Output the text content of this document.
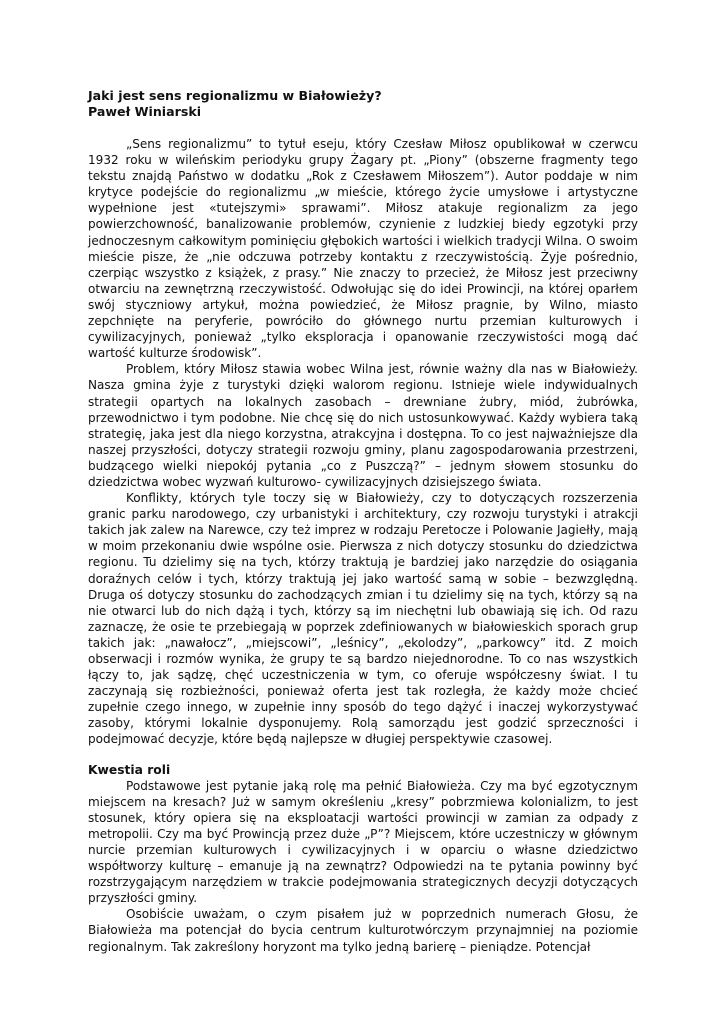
Jaki jest sens regionalizmu w Białowieży?

Paweł Winiarski

„Sens regionalizmu” to tytuł eseju, który Czesław Miłosz opublikował w czerwcu 1932 roku w wileńskim periodyku grupy Żagary pt. „Piony” (obszerne fragmenty tego tekstu znajdą Państwo w dodatku „Rok z Czesławem Miłoszem”). Autor poddaje w nim krytyce podejście do regionalizmu „w mieście, którego życie umysłowe i artystyczne wypełnione jest «tutejszymi» sprawami”. Miłosz atakuje regionalizm za jego powierzchowność, banalizowanie problemów, czynienie z ludzkiej biedy egzotyki przy jednoczesnym całkowitym pominięciu głębokich wartości i wielkich tradycji Wilna. O swoim mieście pisze, że „nie odczuwa potrzeby kontaktu z rzeczywistością. Żyje pośrednio, czerpiąc wszystko z książek, z prasy.” Nie znaczy to przecież, że Miłosz jest przeciwny otwarciu na zewnętrzną rzeczywistość. Odwołując się do idei Prowincji, na której oparłem swój styczniowy artykuł, można powiedzieć, że Miłosz pragnie, by Wilno, miasto zepchnięte na peryferie, powróciło do głównego nurtu przemian kulturowych i cywilizacyjnych, ponieważ „tylko eksploracja i opanowanie rzeczywistości mogą dać wartość kulturze środowisk”.

Problem, który Miłosz stawia wobec Wilna jest, równie ważny dla nas w Białowieży. Nasza gmina żyje z turystyki dzięki walorom regionu. Istnieje wiele indywidualnych strategii opartych na lokalnych zasobach – drewniane żubry, miód, żubrówka, przewodnictwo i tym podobne. Nie chcę się do nich ustosunkowywać. Każdy wybiera taką strategię, jaka jest dla niego korzystna, atrakcyjna i dostępna. To co jest najważniejsze dla naszej przyszłości, dotyczy strategii rozwoju gminy, planu zagospodarowania przestrzeni, budzącego wielki niepokój pytania „co z Puszczą?” – jednym słowem stosunku do dziedzictwa wobec wyzwań kulturowo- cywilizacyjnych dzisiejszego świata.

Konflikty, których tyle toczy się w Białowieży, czy to dotyczących rozszerzenia granic parku narodowego, czy urbanistyki i architektury, czy rozwoju turystyki i atrakcji takich jak zalew na Narewce, czy też imprez w rodzaju Peretocze i Polowanie Jagiełły, mają w moim przekonaniu dwie wspólne osie. Pierwsza z nich dotyczy stosunku do dziedzictwa regionu. Tu dzielimy się na tych, którzy traktują je bardziej jako narzędzie do osiągania doraźnych celów i tych, którzy traktują jej jako wartość samą w sobie – bezwzględną. Druga oś dotyczy stosunku do zachodzących zmian i tu dzielimy się na tych, którzy są na nie otwarci lub do nich dążą i tych, którzy są im niechętni lub obawiają się ich. Od razu zaznaczę, że osie te przebiegają w poprzek zdefiniowanych w białowieskich sporach grup takich jak: „nawałocz”, „miejscowi”, „leśnicy”, „ekolodzy”, „parkowcy” itd. Z moich obserwacji i rozmów wynika, że grupy te są bardzo niejednorodne. To co nas wszystkich łączy to, jak sądzę, chęć uczestniczenia w tym, co oferuje współczesny świat. I tu zaczynają się rozbieżności, ponieważ oferta jest tak rozległa, że każdy może chcieć zupełnie czego innego, w zupełnie inny sposób do tego dążyć i inaczej wykorzystywać zasoby, którymi lokalnie dysponujemy. Rolą samorządu jest godzić sprzeczności i podejmować decyzje, które będą najlepsze w długiej perspektywie czasowej.

Kwestia roli

Podstawowe jest pytanie jaką rolę ma pełnić Białowieża. Czy ma być egzotycznym miejscem na kresach? Już w samym określeniu „kresy” pobrzmiewa kolonializm, to jest stosunek, który opiera się na eksploatacji wartości prowincji w zamian za odpady z metropolii. Czy ma być Prowincją przez duże „P”? Miejscem, które uczestniczy w głównym nurcie przemian kulturowych i cywilizacyjnych i w oparciu o własne dziedzictwo współtworzy kulturę – emanuje ją na zewnątrz? Odpowiedzi na te pytania powinny być rozstrzygającym narzędziem w trakcie podejmowania strategicznych decyzji dotyczących przyszłości gminy.

Osobiście uważam, o czym pisałem już w poprzednich numerach Głosu, że Białowieża ma potencjał do bycia centrum kulturotwórczym przynajmniej na poziomie regionalnym. Tak zakreślony horyzont ma tylko jedną barierę – pieniądze. Potencjał
